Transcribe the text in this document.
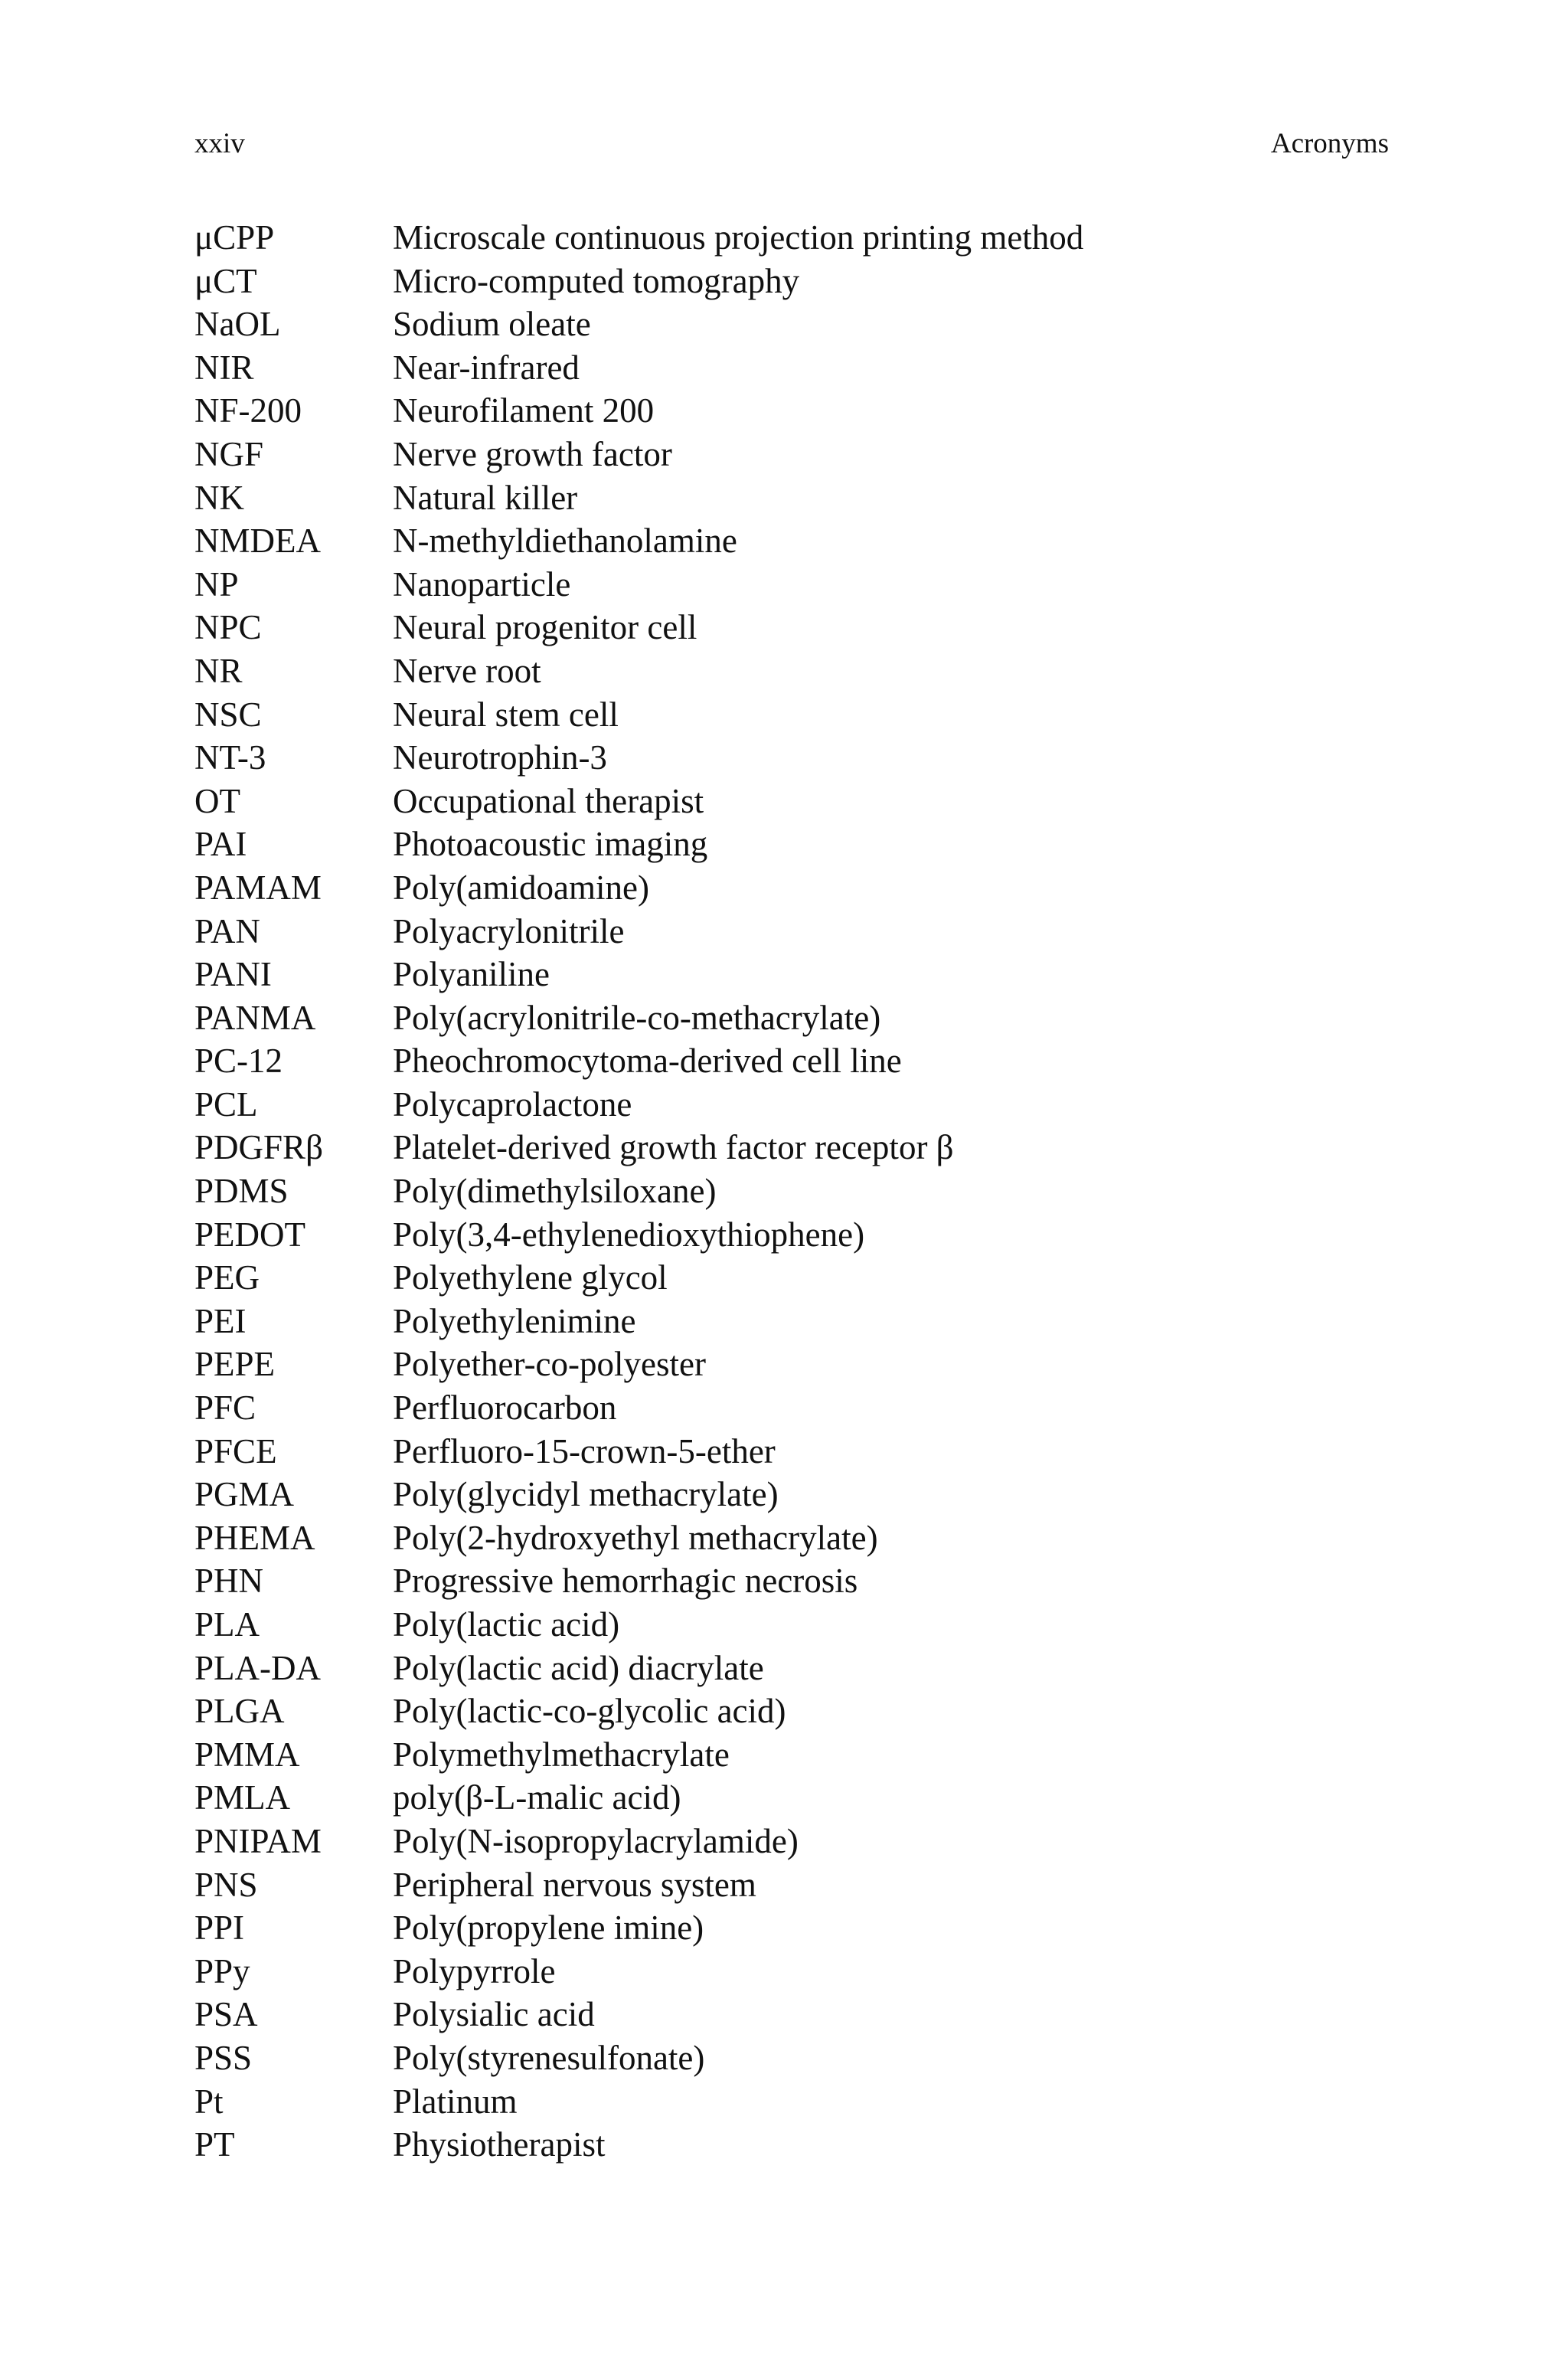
xxiv	Acronyms
μCPP	Microscale continuous projection printing method
μCT	Micro-computed tomography
NaOL	Sodium oleate
NIR	Near-infrared
NF-200	Neurofilament 200
NGF	Nerve growth factor
NK	Natural killer
NMDEA N-methyldiethanolamine
NP	Nanoparticle
NPC	Neural progenitor cell
NR	Nerve root
NSC	Neural stem cell
NT-3	Neurotrophin-3
OT	Occupational therapist
PAI	Photoacoustic imaging
PAMAM Poly(amidoamine)
PAN	Polyacrylonitrile
PANI	Polyaniline
PANMA Poly(acrylonitrile-co-methacrylate)
PC-12	Pheochromocytoma-derived cell line
PCL	Polycaprolactone
PDGFRβ Platelet-derived growth factor receptor β
PDMS	Poly(dimethylsiloxane)
PEDOT	Poly(3,4-ethylenedioxythiophene)
PEG	Polyethylene glycol
PEI	Polyethylenimine
PEPE	Polyether-co-polyester
PFC	Perfluorocarbon
PFCE	Perfluoro-15-crown-5-ether
PGMA	Poly(glycidyl methacrylate)
PHEMA Poly(2-hydroxyethyl methacrylate)
PHN	Progressive hemorrhagic necrosis
PLA	Poly(lactic acid)
PLA-DA Poly(lactic acid) diacrylate
PLGA	Poly(lactic-co-glycolic acid)
PMMA	Polymethylmethacrylate
PMLA	poly(β-L-malic acid)
PNIPAM Poly(N-isopropylacrylamide)
PNS	Peripheral nervous system
PPI	Poly(propylene imine)
PPy	Polypyrrole
PSA	Polysialic acid
PSS	Poly(styrenesulfonate)
Pt	Platinum
PT	Physiotherapist
